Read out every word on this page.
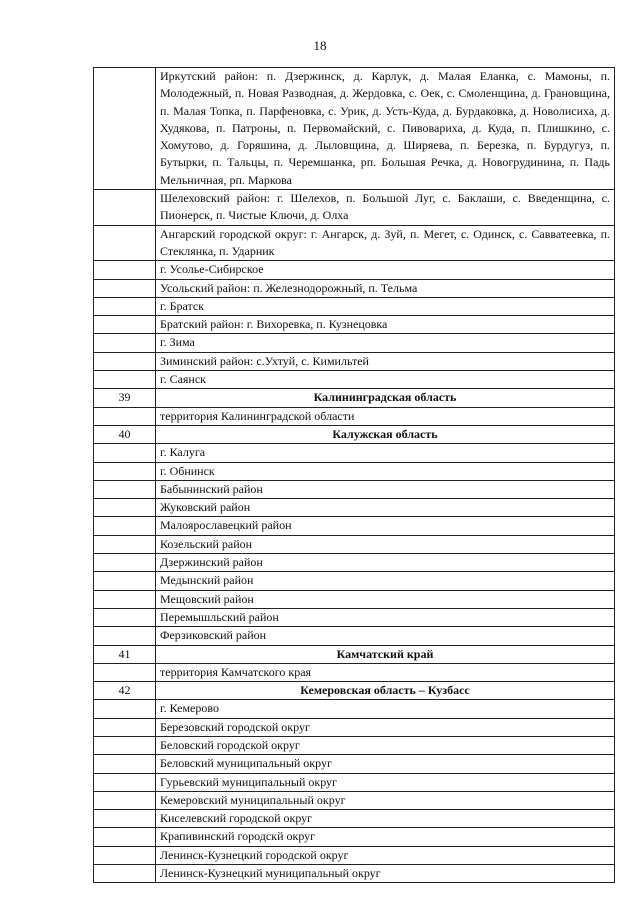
18
	Иркутский район: п. Дзержинск, д. Карлук, д. Малая Еланка, с. Мамоны, п. Молодежный, п. Новая Разводная, д. Жердовка, с. Оек, с. Смоленщина, д. Грановщина, п. Малая Топка, п. Парфеновка, с. Урик, д. Усть-Куда, д. Бурдаковка, д. Новолисиха, д. Худякова, п. Патроны, п. Первомайский, с. Пивовариха, д. Куда, п. Плишкино, с. Хомутово, д. Горяшина, д. Лыловщина, д. Ширяева, п. Березка, п. Бурдугуз, п. Бутырки, п. Тальцы, п. Черемшанка, рп. Большая Речка, д. Новогрудинина, п. Падь Мельничная, рп. Маркова
	Шелеховский район: г. Шелехов, п. Большой Луг, с. Баклаши, с. Введенщина, с. Пионерск, п. Чистые Ключи, д. Олха
	Ангарский городской округ: г. Ангарск, д. Зуй, п. Мегет, с. Одинск, с. Савватеевка, п. Стеклянка, п. Ударник
	г. Усолье-Сибирское
	Усольский район: п. Железнодорожный, п. Тельма
	г. Братск
	Братский район: г. Вихоревка, п. Кузнецовка
	г. Зима
	Зиминский район: с.Ухтуй, с. Кимильтей
	г. Саянск
39	Калининградская область
	территория Калининградской области
40	Калужская область
	г. Калуга
	г. Обнинск
	Бабынинский район
	Жуковский район
	Малоярославецкий район
	Козельский район
	Дзержинский район
	Медынский район
	Мещовский район
	Перемышльский район
	Ферзиковский район
41	Камчатский край
	территория Камчатского края
42	Кемеровская область – Кузбасс
	г. Кемерово
	Березовский городской округ
	Беловский городской округ
	Беловский муниципальный округ
	Гурьевский муниципальный округ
	Кемеровский муниципальный округ
	Киселевский городской округ
	Крапивинский городскй округ
	Ленинск-Кузнецкий городской округ
	Ленинск-Кузнецкий муниципальный округ
